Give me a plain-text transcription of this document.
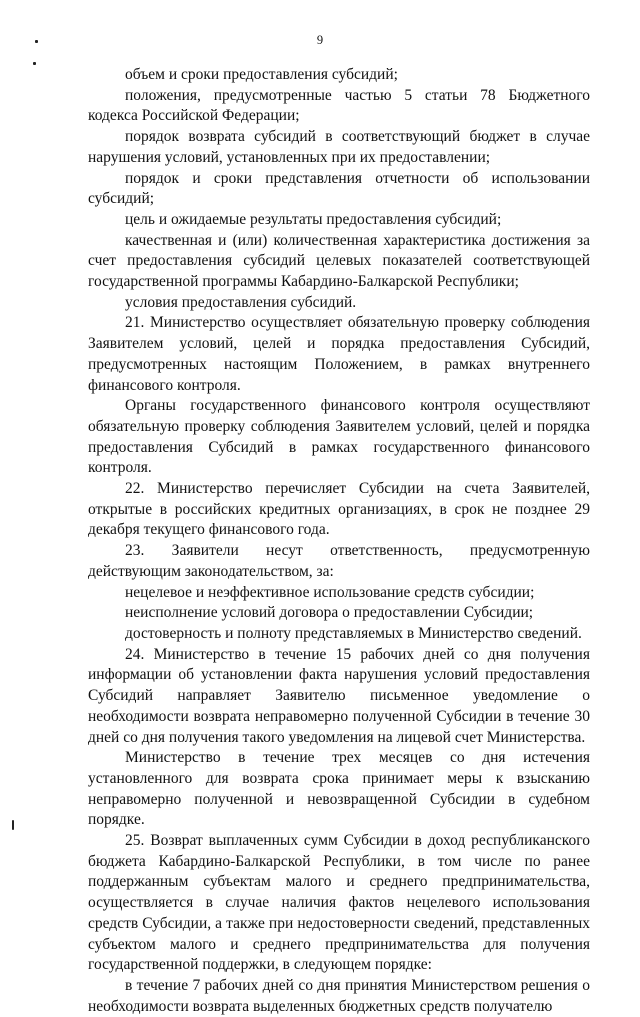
9

объем и сроки предоставления субсидий;

положения, предусмотренные частью 5 статьи 78 Бюджетного кодекса Российской Федерации;

порядок возврата субсидий в соответствующий бюджет в случае нарушения условий, установленных при их предоставлении;

порядок и сроки представления отчетности об использовании субсидий;

цель и ожидаемые результаты предоставления субсидий;

качественная и (или) количественная характеристика достижения за счет предоставления субсидий целевых показателей соответствующей государственной программы Кабардино-Балкарской Республики;

условия предоставления субсидий.

21. Министерство осуществляет обязательную проверку соблюдения Заявителем условий, целей и порядка предоставления Субсидий, предусмотренных настоящим Положением, в рамках внутреннего финансового контроля.

Органы государственного финансового контроля осуществляют обязательную проверку соблюдения Заявителем условий, целей и порядка предоставления Субсидий в рамках государственного финансового контроля.

22. Министерство перечисляет Субсидии на счета Заявителей, открытые в российских кредитных организациях, в срок не позднее 29 декабря текущего финансового года.

23. Заявители несут ответственность, предусмотренную действующим законодательством, за:

нецелевое и неэффективное использование средств субсидии;

неисполнение условий договора о предоставлении Субсидии;

достоверность и полноту представляемых в Министерство сведений.

24. Министерство в течение 15 рабочих дней со дня получения информации об установлении факта нарушения условий предоставления Субсидий направляет Заявителю письменное уведомление о необходимости возврата неправомерно полученной Субсидии в течение 30 дней со дня получения такого уведомления на лицевой счет Министерства.

Министерство в течение трех месяцев со дня истечения установленного для возврата срока принимает меры к взысканию неправомерно полученной и невозвращенной Субсидии в судебном порядке.

25. Возврат выплаченных сумм Субсидии в доход республиканского бюджета Кабардино-Балкарской Республики, в том числе по ранее поддержанным субъектам малого и среднего предпринимательства, осуществляется в случае наличия фактов нецелевого использования средств Субсидии, а также при недостоверности сведений, представленных субъектом малого и среднего предпринимательства для получения государственной поддержки, в следующем порядке:

в течение 7 рабочих дней со дня принятия Министерством решения о необходимости возврата выделенных бюджетных средств получателю
